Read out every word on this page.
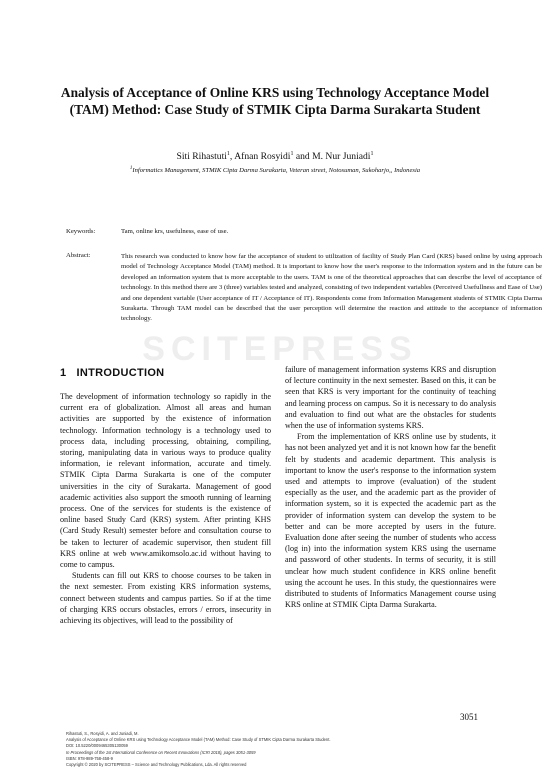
Analysis of Acceptance of Online KRS using Technology Acceptance Model (TAM) Method: Case Study of STMIK Cipta Darma Surakarta Student
Siti Rihastuti$^1$, Afnan Rosyidi$^1$ and M. Nur Juniadi$^1$
$^1$Informatics Management, STMIK Cipta Darma Surakarta, Veteran street, Notosuman, Sukoharjo,, Indonesia
Keywords:	Tam, online krs, usefulness, ease of use.
Abstract:	This research was conducted to know how far the acceptance of student to utilization of facility of Study Plan Card (KRS) based online by using approach model of Technology Acceptance Model (TAM) method. It is important to know how the user's response to the information system and in the future can be developed an information system that is more acceptable to the users. TAM is one of the theoretical approaches that can describe the level of acceptance of technology. In this method there are 3 (three) variables tested and analyzed, consisting of two independent variables (Perceived Usefullness and Ease of Use) and one dependent variable (User acceptance of IT / Acceptance of IT). Respondents come from Information Management students of STMIK Cipta Darma Surakarta. Through TAM model can be described that the user perception will determine the reaction and attitude to the acceptance of information technology.
SCITEPRESS
1 INTRODUCTION

The development of information technology so rapidly in the current era of globalization. Almost all areas and human activities are supported by the existence of information technology. Information technology is a technology used to process data, including processing, obtaining, compiling, storing, manipulating data in various ways to produce quality information, ie relevant information, accurate and timely. STMIK Cipta Darma Surakarta is one of the computer universities in the city of Surakarta. Management of good academic activities also support the smooth running of learning process. One of the services for students is the existence of online based Study Card (KRS) system. After printing KHS (Card Study Result) semester before and consultation course to be taken to lecturer of academic supervisor, then student fill KRS online at web www.amikomsolo.ac.id without having to come to campus.

Students can fill out KRS to choose courses to be taken in the next semester. From existing KRS information systems, connect between students and campus parties. So if at the time of charging KRS occurs obstacles, errors / errors, insecurity in achieving its objectives, will lead to the possibility of

failure of management information systems KRS and disruption of lecture continuity in the next semester. Based on this, it can be seen that KRS is very important for the continuity of teaching and learning process on campus. So it is necessary to do analysis and evaluation to find out what are the obstacles for students when the use of information systems KRS.

From the implementation of KRS online use by students, it has not been analyzed yet and it is not known how far the benefit felt by students and academic department. This analysis is important to know the user's response to the information system used and attempts to improve (evaluation) of the student especially as the user, and the academic part as the provider of information system, so it is expected the academic part as the provider of information system can develop the system to be better and can be more accepted by users in the future. Evaluation done after seeing the number of students who access (log in) into the information system KRS using the username and password of other students. In terms of security, it is still unclear how much student confidence in KRS online benefit using the account he uses. In this study, the questionnaires were distributed to students of Informatics Management course using KRS online at STMIK Cipta Darma Surakarta.

3051
Rihastuti, S., Rosyidi, A. and Juniadi, M.
Analysis of Acceptance of Online KRS using Technology Acceptance Model (TAM) Method: Case Study of STMIK Cipta Darma Surakarta Student.
DOI: 10.5220/0009465305130059
In Proceedings of the 1st International Conference on Recent Innovations (ICRI 2018), pages 3051-3059
ISBN: 978-989-758-458-9
Copyright © 2020 by SCITEPRESS – Science and Technology Publications, Lda. All rights reserved
